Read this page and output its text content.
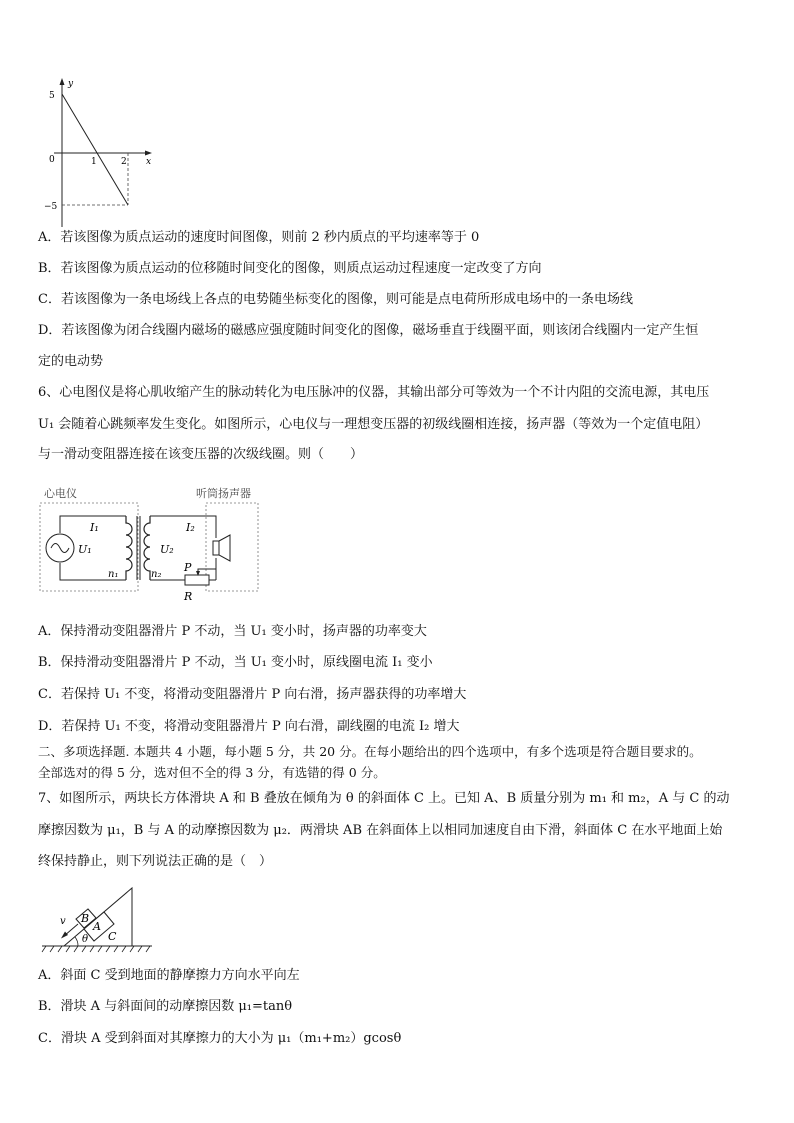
y
x
0
5
−5
1	2
A．若该图像为质点运动的速度时间图像，则前 2 秒内质点的平均速率等于 0
B．若该图像为质点运动的位移随时间变化的图像，则质点运动过程速度一定改变了方向
C．若该图像为一条电场线上各点的电势随坐标变化的图像，则可能是点电荷所形成电场中的一条电场线
D．若该图像为闭合线圈内磁场的磁感应强度随时间变化的图像，磁场垂直于线圈平面，则该闭合线圈内一定产生恒
定的电动势
6、心电图仪是将心肌收缩产生的脉动转化为电压脉冲的仪器，其输出部分可等效为一个不计内阻的交流电源，其电压
U₁ 会随着心跳频率发生变化。如图所示，心电仪与一理想变压器的初级线圈相连接，扬声器（等效为一个定值电阻）
与一滑动变阻器连接在该变压器的次级线圈。则（　　）
心电仪	听筒扬声器
I₁
U₁
n₁
U₂
n₂
I₂
P
R
A．保持滑动变阻器滑片 P 不动，当 U₁ 变小时，扬声器的功率变大
B．保持滑动变阻器滑片 P 不动，当 U₁ 变小时，原线圈电流 I₁ 变小
C．若保持 U₁ 不变，将滑动变阻器滑片 P 向右滑，扬声器获得的功率增大
D．若保持 U₁ 不变，将滑动变阻器滑片 P 向右滑，副线圈的电流 I₂ 增大
二、多项选择题. 本题共 4 小题，每小题 5 分，共 20 分。在每小题给出的四个选项中，有多个选项是符合题目要求的。
全部选对的得 5 分，选对但不全的得 3 分，有选错的得 0 分。
7、如图所示，两块长方体滑块 A 和 B 叠放在倾角为 θ 的斜面体 C 上。已知 A、B 质量分别为 m₁ 和 m₂，A 与 C 的动
摩擦因数为 μ₁，B 与 A 的动摩擦因数为 μ₂．两滑块 AB 在斜面体上以相同加速度自由下滑，斜面体 C 在水平地面上始
终保持静止，则下列说法正确的是（　）
B
A
C
v
θ
A．斜面 C 受到地面的静摩擦力方向水平向左
B．滑块 A 与斜面间的动摩擦因数 μ₁=tanθ
C．滑块 A 受到斜面对其摩擦力的大小为 μ₁（m₁+m₂）gcosθ
